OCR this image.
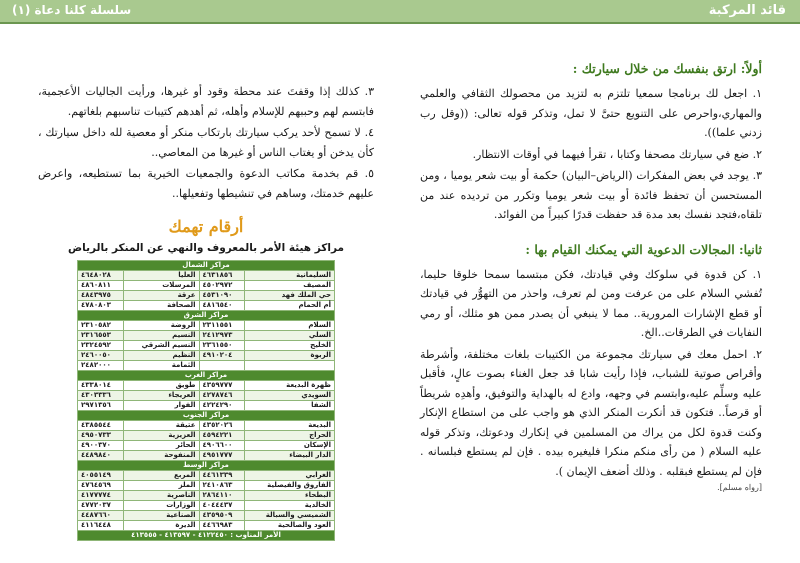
قائد المركبة
سلسلة كلنا دعاة (١)
أولاً: ارتق بنفسك من خلال سيارتك :

١. اجعل لك برنامجا سمعيا تلتزم به لتزيد من محصولك الثقافي والعلمي والمهاري،واحرص على التنويع حتىَّ لا تمل، وتذكر قوله تعالى: ((وقل رب زدني علما)).

٢. ضع في سيارتك مصحفا وكتابا ، تقرأ فيهما في أوقات الانتظار.

٣. يوجد في بعض المفكرات (الرياض–البيان) حكمة أو بيت شعر يوميا ، ومن المستحسن أن تحفظ فائدة أو بيت شعر يوميا وتكرر من ترديده عند من تلقاه،فتجد نفسك بعد مدة قد حفظت قدرًا كبيراً من الفوائد.

ثانيا: المجالات الدعوية التي يمكنك القيام بها :

١. كن قدوة في سلوكك وفي قيادتك، فكن مبتسما سمحا خلوقا حليما، تُفشي السلام على من عرفت ومن لم تعرف، واحذر من التهوُّر في قيادتك أو قطع الإشارات المرورية.. مما لا ينبغي أن يصدر ممن هو مثلك، أو رمي النفايات في الطرقات..الخ.

٢. احمل معك في سيارتك مجموعة من الكتيبات بلغات مختلفة، وأشرطة وأقراص صوتية للشباب، فإذا رأيت شابا قد جعل الغناء بصوت عالٍ، فأقبل عليه وسلِّم عليه،وابتسم في وجهه، وادع له بالهداية والتوفيق، وأهدِه شريطاً أو قرصاً.. فتكون قد أنكرت المنكر الذي هو واجب على من استطاع الإنكار وكنت قدوة لكل من يراك من المسلمين في إنكارك ودعوتك، وتذكر قوله عليه السلام ( من رأى منكم منكرا فليغيره بيده . فإن لم يستطع فبلسانه . فإن لم يستطع فبقلبه . وذلك أضعف الإيمان ).

[رواه مسلم].

٣. كذلك إذا وقفتَ عند محطة وقود أو غيرها، ورأيت الجاليات الأعجمية، فابتسم لهم وحببهم للإسلام وأهله، ثم أهدهم كتيبات تناسبهم بلغاتهم.

٤. لا تسمح لأحد يركب سيارتك بارتكاب منكر أو معصية لله داخل سيارتك ، كأن يدخن أو يغتاب الناس أو غيرها من المعاصي..

٥. قم بخدمة مكاتب الدعوة والجمعيات الخيرية بما تستطيعه، واعرض عليهم خدمتك، وساهم في تنشيطها وتفعيلها..

أرقام تهمك
مراكز هيئة الأمر بالمعروف والنهي عن المنكر بالرياض
مراكز الشمال			
السليمانية	٤٦٣١٨٥٦	العليا	٤٦٤٨٠٢٨
المصيف	٤٥٠٢٩٧٢	المرسلات	٤٨٦٠٨١١
حي الملك فهد	٤٥٣١٠٩٠	عرقة	٤٨٤٣٩٧٥
أم الحمام	٤٨١٦٥٤٠	الصحافة	٤٧٨٠٨٠٣
مراكز الشرق			
السلام	٢٣١١٥٥١	الروضة	٢٣١٠٥٨٢
السلي	٢٤١٢٩٧٣	النسيم	٢٣١٦٥٥٣
الخليج	٢٣٦١٥٥٠	النسيم الشرقي	٢٣٢٤٥٩٢
الربوة	٤٩١٠٢٠٤	النظيم	٢٤٦٠٠٥٠
		الثمامة	٢٤٨٢٠٠٠
مراكز الغرب			
ظهرة البديعة	٤٣٥٩٧٧٧	طويق	٤٣٣٨٠١٤
السويدي	٤٢٧٨٧٤٦	العريجاء	٤٣٠٣٣٣٦
الشفا	٤٢٢٤٢٩٠	الفوار	٢٩٧١٣٥٦
مراكز الجنوب			
البديعة	٤٣٥٢٠٢٦	عتيقة	٤٣٨٥٥٤٤
الحراج	٤٥٩٤٢٢١	العزيزية	٤٩٥٠٧٣٣
الإسكان	٤٩٠٦٦٠٠	الحائر	٤٩٠٠٣٧٠
الدار البيضاء	٤٩٥١٧٧٧	المنفوحة	٤٤٨٩٨٤٠
مراكز الوسط			
الغرابي	٤٤٦١٣٣٩	المربع	٤٠٥٥١٤٩
الفاروق والفيصلية	٢٤١٠٨٦٣	الملز	٤٧٦٤٥٦٩
البطحاء	٢٨٦٤١١٠	الناصرية	٤١٧٧٧٧٤
الخالدية	٤٠٤٤٤٣٧	الوزارات	٤٧٧٢٠٣٧
الشميسي والسبالة	٤٣٥٩٥٠٩	الصناعية	٤٤٨٧٦٦٠
العود والصالحية	٤٤٦٦٩٨٣	الديرة	٤١١٦٤٤٨
الأمر المناوب : ٤١٢٢٤٥٠ - ٤١٣٥٩٧ - ٤١٣٥٥٥			
